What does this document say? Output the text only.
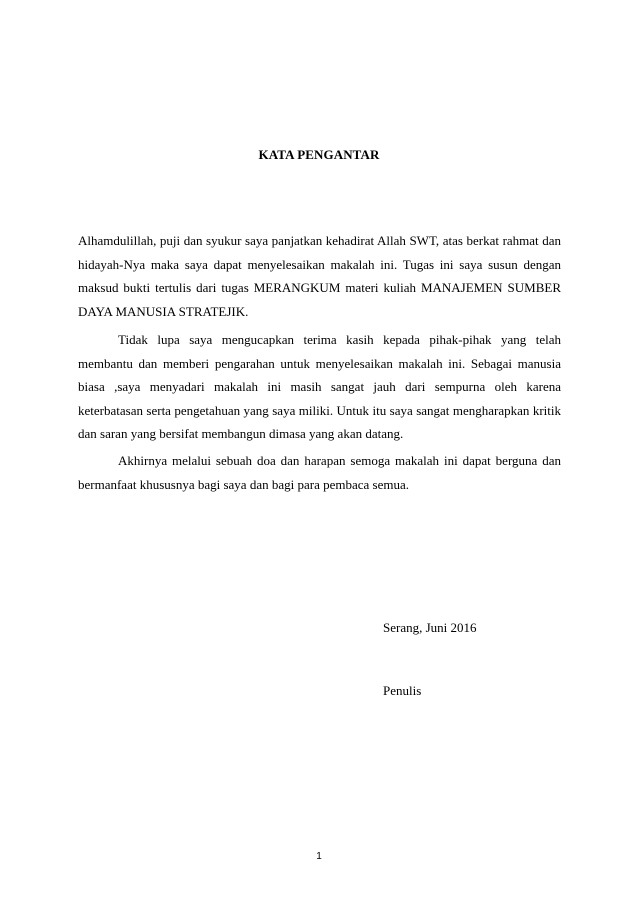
KATA PENGANTAR

Alhamdulillah, puji dan syukur saya panjatkan kehadirat Allah SWT, atas berkat rahmat dan hidayah-Nya maka saya dapat menyelesaikan makalah ini. Tugas ini saya susun dengan maksud bukti tertulis dari tugas MERANGKUM materi kuliah MANAJEMEN SUMBER DAYA MANUSIA STRATEJIK.

Tidak lupa saya mengucapkan terima kasih kepada pihak-pihak yang telah membantu dan memberi pengarahan untuk menyelesaikan makalah ini. Sebagai manusia biasa ,saya menyadari makalah ini masih sangat jauh dari sempurna oleh karena keterbatasan serta pengetahuan yang saya miliki. Untuk itu saya sangat mengharapkan kritik dan saran yang bersifat membangun dimasa yang akan datang.

Akhirnya melalui sebuah doa dan harapan semoga makalah ini dapat berguna dan bermanfaat khususnya bagi saya dan bagi para pembaca semua.

Serang, Juni 2016
Penulis
1
